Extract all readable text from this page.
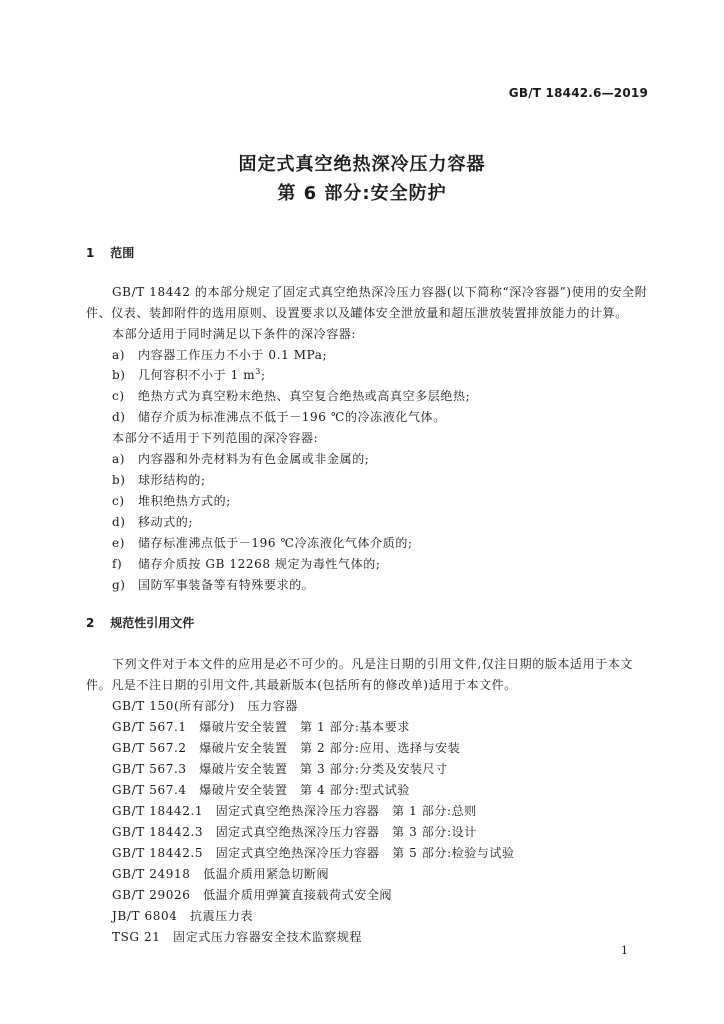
GB/T 18442.6—2019
固定式真空绝热深冷压力容器
第 6 部分:安全防护
1 范围
GB/T 18442 的本部分规定了固定式真空绝热深冷压力容器(以下简称“深冷容器”)使用的安全附
件、仪表、装卸附件的选用原则、设置要求以及罐体安全泄放量和超压泄放装置排放能力的计算。
本部分适用于同时满足以下条件的深冷容器:
a) 内容器工作压力不小于 0.1 MPa;
b) 几何容积不小于 1 $m^3$;
c) 绝热方式为真空粉末绝热、真空复合绝热或高真空多层绝热;
d) 储存介质为标准沸点不低于－196 ℃的冷冻液化气体。
本部分不适用于下列范围的深冷容器:
a) 内容器和外壳材料为有色金属或非金属的;
b) 球形结构的;
c) 堆积绝热方式的;
d) 移动式的;
e) 储存标准沸点低于－196 ℃冷冻液化气体介质的;
f) 储存介质按 GB 12268 规定为毒性气体的;
g) 国防军事装备等有特殊要求的。
2 规范性引用文件
下列文件对于本文件的应用是必不可少的。凡是注日期的引用文件,仅注日期的版本适用于本文
件。凡是不注日期的引用文件,其最新版本(包括所有的修改单)适用于本文件。
GB/T 150(所有部分)　 压力容器
GB/T 567.1　 爆破片安全装置　第 1 部分:基本要求
GB/T 567.2　 爆破片安全装置　第 2 部分:应用、选择与安装
GB/T 567.3　 爆破片安全装置　第 3 部分:分类及安装尺寸
GB/T 567.4　 爆破片安全装置　第 4 部分:型式试验
GB/T 18442.1　 固定式真空绝热深冷压力容器　第 1 部分:总则
GB/T 18442.3　 固定式真空绝热深冷压力容器　第 3 部分:设计
GB/T 18442.5　 固定式真空绝热深冷压力容器　第 5 部分:检验与试验
GB/T 24918　 低温介质用紧急切断阀
GB/T 29026　 低温介质用弹簧直接载荷式安全阀
JB/T 6804　 抗震压力表
TSG 21　 固定式压力容器安全技术监察规程
1
